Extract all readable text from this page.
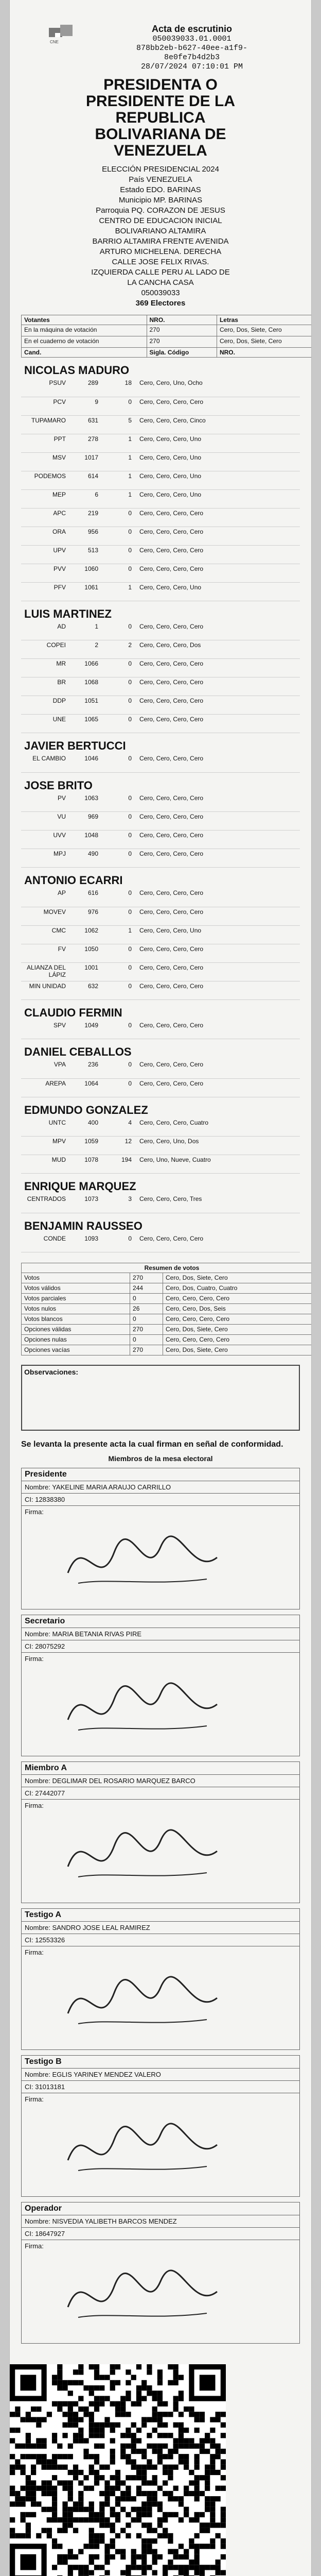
CNE
Acta de escrutinio
050039033.01.0001
878bb2eb-b627-40ee-a1f9-
8e0fe7b4d2b3
28/07/2024 07:10:01 PM
PRESIDENTA O
PRESIDENTE DE LA
REPUBLICA
BOLIVARIANA DE
VENEZUELA
ELECCIÓN PRESIDENCIAL 2024
País VENEZUELA
Estado EDO. BARINAS
Municipio MP. BARINAS
Parroquia PQ. CORAZON DE JESUS
CENTRO DE EDUCACION INICIAL
BOLIVARIANO ALTAMIRA
BARRIO ALTAMIRA FRENTE AVENIDA
ARTURO MICHELENA. DERECHA
CALLE JOSE FELIX RIVAS.
IZQUIERDA CALLE PERU AL LADO DE
LA CANCHA CASA
050039033
369 Electores
Votantes	NRO.	Letras
En la máquina de votación	270	Cero, Dos, Siete, Cero
En el cuaderno de votación	270	Cero, Dos, Siete, Cero
Cand.	Sigla. Código	NRO.
NICOLAS MADURO
PSUV	289	18	Cero, Cero, Uno, Ocho
PCV	9	0	Cero, Cero, Cero, Cero
TUPAMARO	631	5	Cero, Cero, Cero, Cinco
PPT	278	1	Cero, Cero, Cero, Uno
MSV	1017	1	Cero, Cero, Cero, Uno
PODEMOS	614	1	Cero, Cero, Cero, Uno
MEP	6	1	Cero, Cero, Cero, Uno
APC	219	0	Cero, Cero, Cero, Cero
ORA	956	0	Cero, Cero, Cero, Cero
UPV	513	0	Cero, Cero, Cero, Cero
PVV	1060	0	Cero, Cero, Cero, Cero
PFV	1061	1	Cero, Cero, Cero, Uno
LUIS MARTINEZ
AD	1	0	Cero, Cero, Cero, Cero
COPEI	2	2	Cero, Cero, Cero, Dos
MR	1066	0	Cero, Cero, Cero, Cero
BR	1068	0	Cero, Cero, Cero, Cero
DDP	1051	0	Cero, Cero, Cero, Cero
UNE	1065	0	Cero, Cero, Cero, Cero
JAVIER BERTUCCI
EL CAMBIO	1046	0	Cero, Cero, Cero, Cero
JOSE BRITO
PV	1063	0	Cero, Cero, Cero, Cero
VU	969	0	Cero, Cero, Cero, Cero
UVV	1048	0	Cero, Cero, Cero, Cero
MPJ	490	0	Cero, Cero, Cero, Cero
ANTONIO ECARRI
AP	616	0	Cero, Cero, Cero, Cero
MOVEV	976	0	Cero, Cero, Cero, Cero
CMC	1062	1	Cero, Cero, Cero, Uno
FV	1050	0	Cero, Cero, Cero, Cero
ALIANZA DEL LÁPIZ	1001	0	Cero, Cero, Cero, Cero
MIN UNIDAD	632	0	Cero, Cero, Cero, Cero
CLAUDIO FERMIN
SPV	1049	0	Cero, Cero, Cero, Cero
DANIEL CEBALLOS
VPA	236	0	Cero, Cero, Cero, Cero
AREPA	1064	0	Cero, Cero, Cero, Cero
EDMUNDO GONZALEZ
UNTC	400	4	Cero, Cero, Cero, Cuatro
MPV	1059	12	Cero, Cero, Uno, Dos
MUD	1078	194	Cero, Uno, Nueve, Cuatro
ENRIQUE MARQUEZ
CENTRADOS	1073	3	Cero, Cero, Cero, Tres
BENJAMIN RAUSSEO
CONDE	1093	0	Cero, Cero, Cero, Cero
Resumen de votos		
Votos	270	Cero, Dos, Siete, Cero
Votos válidos	244	Cero, Dos, Cuatro, Cuatro
Votos parciales	0	Cero, Cero, Cero, Cero
Votos nulos	26	Cero, Cero, Dos, Seis
Votos blancos	0	Cero, Cero, Cero, Cero
Opciones válidas	270	Cero, Dos, Siete, Cero
Opciones nulas	0	Cero, Cero, Cero, Cero
Opciones vacías	270	Cero, Dos, Siete, Cero
Observaciones:
Se levanta la presente acta la cual firman en señal de conformidad.
Miembros de la mesa electoral
Presidente
Nombre: YAKELINE MARIA ARAUJO CARRILLO
CI: 12838380
Firma:
Secretario
Nombre: MARIA BETANIA RIVAS PIRE
CI: 28075292
Firma:
Miembro A
Nombre: DEGLIMAR DEL ROSARIO MARQUEZ BARCO
CI: 27442077
Firma:
Testigo A
Nombre: SANDRO JOSE LEAL RAMIREZ
CI: 12553326
Firma:
Testigo B
Nombre: EGLIS YARINEY MENDEZ VALERO
CI: 31013181
Firma:
Operador
Nombre: NISVEDIA YALIBETH BARCOS MENDEZ
CI: 18647927
Firma:
